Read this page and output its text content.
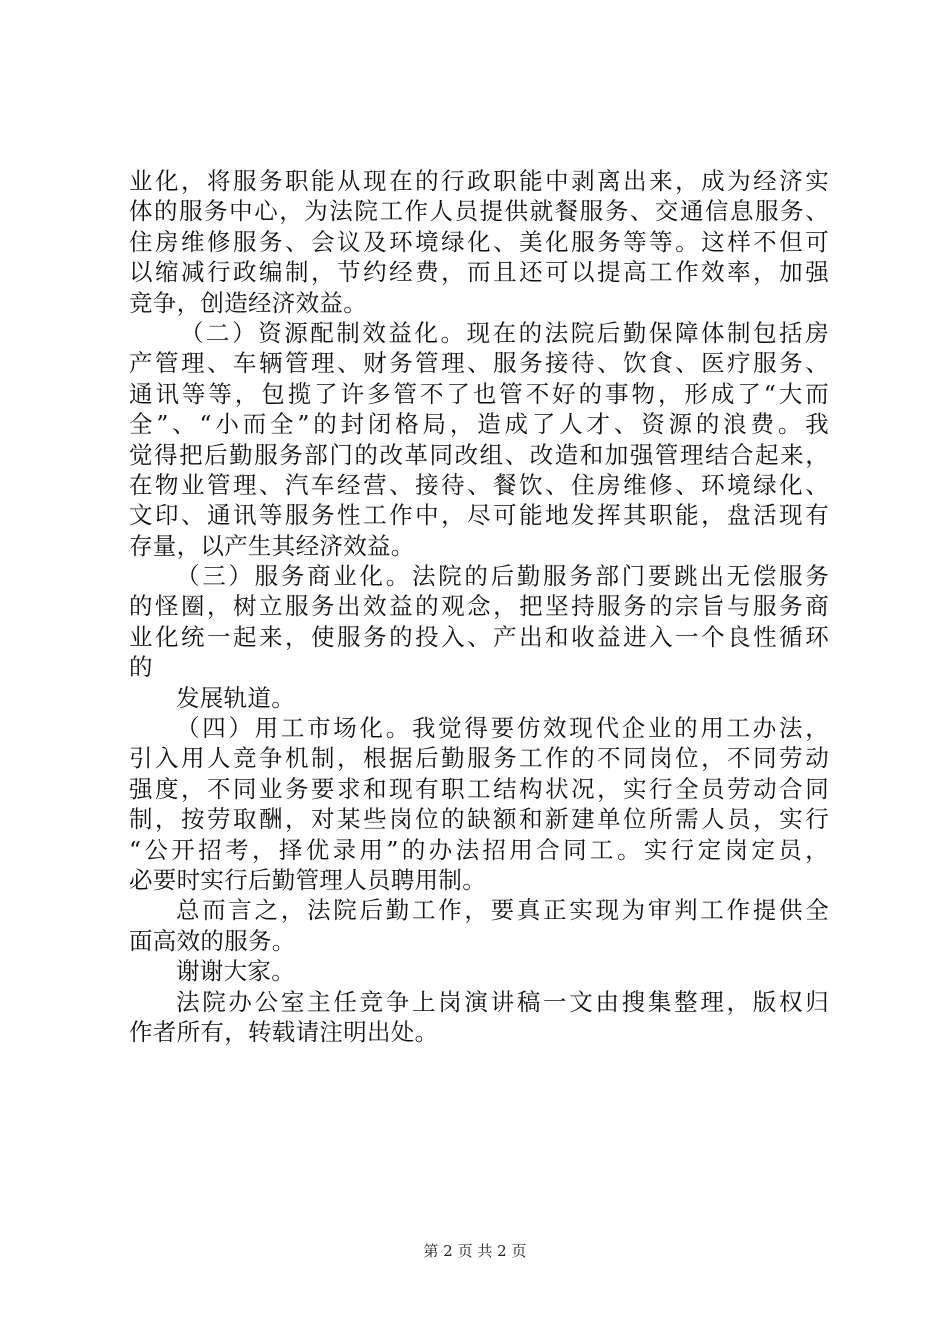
业化，将服务职能从现在的行政职能中剥离出来，成为经济实
体的服务中心，为法院工作人员提供就餐服务、交通信息服务、
住房维修服务、会议及环境绿化、美化服务等等。这样不但可
以缩减行政编制，节约经费，而且还可以提高工作效率，加强
竞争，创造经济效益。
（二）资源配制效益化。现在的法院后勤保障体制包括房
产管理、车辆管理、财务管理、服务接待、饮食、医疗服务、
通讯等等，包揽了许多管不了也管不好的事物，形成了“大而
全”、“小而全”的封闭格局，造成了人才、资源的浪费。我
觉得把后勤服务部门的改革同改组、改造和加强管理结合起来，
在物业管理、汽车经营、接待、餐饮、住房维修、环境绿化、
文印、通讯等服务性工作中，尽可能地发挥其职能，盘活现有
存量，以产生其经济效益。
（三）服务商业化。法院的后勤服务部门要跳出无偿服务
的怪圈，树立服务出效益的观念，把坚持服务的宗旨与服务商
业化统一起来，使服务的投入、产出和收益进入一个良性循环
的
发展轨道。
（四）用工市场化。我觉得要仿效现代企业的用工办法，
引入用人竞争机制，根据后勤服务工作的不同岗位，不同劳动
强度，不同业务要求和现有职工结构状况，实行全员劳动合同
制，按劳取酬，对某些岗位的缺额和新建单位所需人员，实行
“公开招考，择优录用”的办法招用合同工。实行定岗定员，
必要时实行后勤管理人员聘用制。
总而言之，法院后勤工作，要真正实现为审判工作提供全
面高效的服务。
谢谢大家。
法院办公室主任竞争上岗演讲稿一文由搜集整理，版权归
作者所有，转载请注明出处。
第 2 页 共 2 页
